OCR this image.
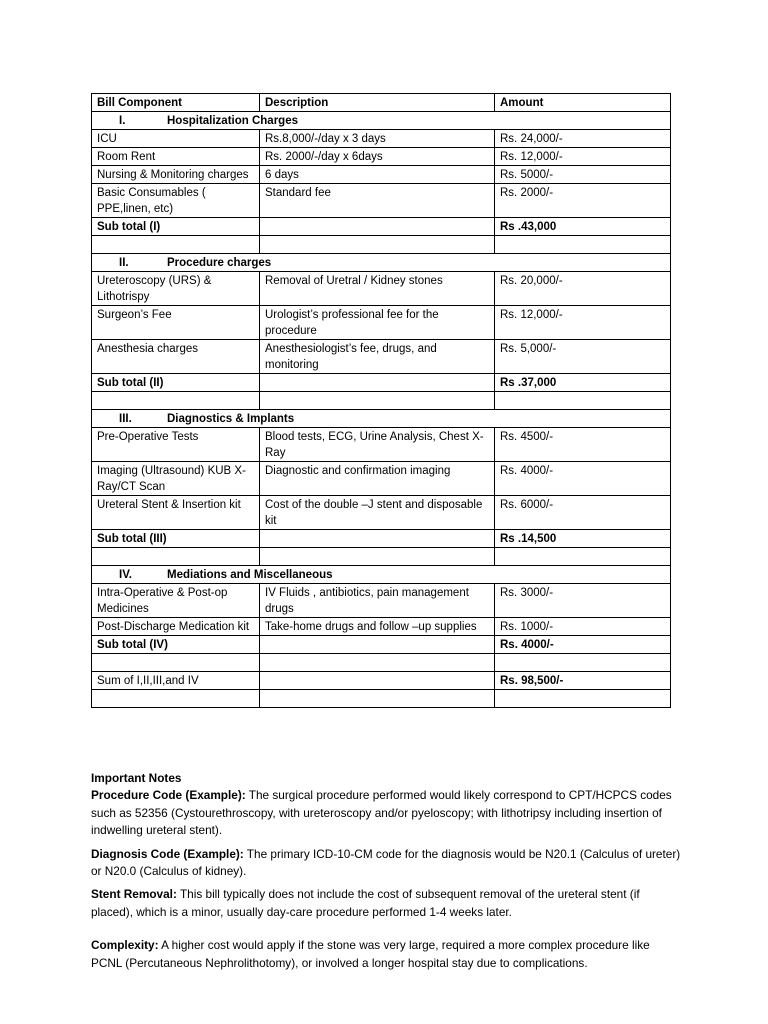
Bill Component	Description	Amount
I. Hospitalization Charges		
ICU	Rs.8,000/-/day x 3 days	Rs. 24,000/-
Room Rent	Rs. 2000/-/day x 6days	Rs. 12,000/-
Nursing & Monitoring charges	6 days	Rs. 5000/-
Basic Consumables ( PPE,linen, etc)	Standard fee	Rs. 2000/-
Sub total (I)		Rs .43,000

II. Procedure charges		
Ureteroscopy (URS) & Lithotrispy	Removal of Uretral / Kidney stones	Rs. 20,000/-
Surgeon’s Fee	Urologist’s professional fee for the procedure	Rs. 12,000/-
Anesthesia charges	Anesthesiologist’s fee, drugs, and monitoring	Rs. 5,000/-
Sub total (II)		Rs .37,000

III. Diagnostics & Implants		
Pre-Operative Tests	Blood tests, ECG, Urine Analysis, Chest X-Ray	Rs. 4500/-
Imaging (Ultrasound) KUB X-Ray/CT Scan	Diagnostic and confirmation imaging	Rs. 4000/-
Ureteral Stent & Insertion kit	Cost of the double –J stent and disposable kit	Rs. 6000/-
Sub total (III)		Rs .14,500

IV. Mediations and Miscellaneous		
Intra-Operative & Post-op Medicines	IV Fluids , antibiotics, pain management drugs	Rs. 3000/-
Post-Discharge Medication kit	Take-home drugs and follow –up supplies	Rs. 1000/-
Sub total (IV)		Rs. 4000/-

Sum of I,II,III,and IV		Rs. 98,500/-

Important Notes

Procedure Code (Example): The surgical procedure performed would likely correspond to CPT/HCPCS codes such as 52356 (Cystourethroscopy, with ureteroscopy and/or pyeloscopy; with lithotripsy including insertion of indwelling ureteral stent).

Diagnosis Code (Example): The primary ICD-10-CM code for the diagnosis would be N20.1 (Calculus of ureter) or N20.0 (Calculus of kidney).

Stent Removal: This bill typically does not include the cost of subsequent removal of the ureteral stent (if placed), which is a minor, usually day-care procedure performed 1-4 weeks later.

Complexity: A higher cost would apply if the stone was very large, required a more complex procedure like PCNL (Percutaneous Nephrolithotomy), or involved a longer hospital stay due to complications.
